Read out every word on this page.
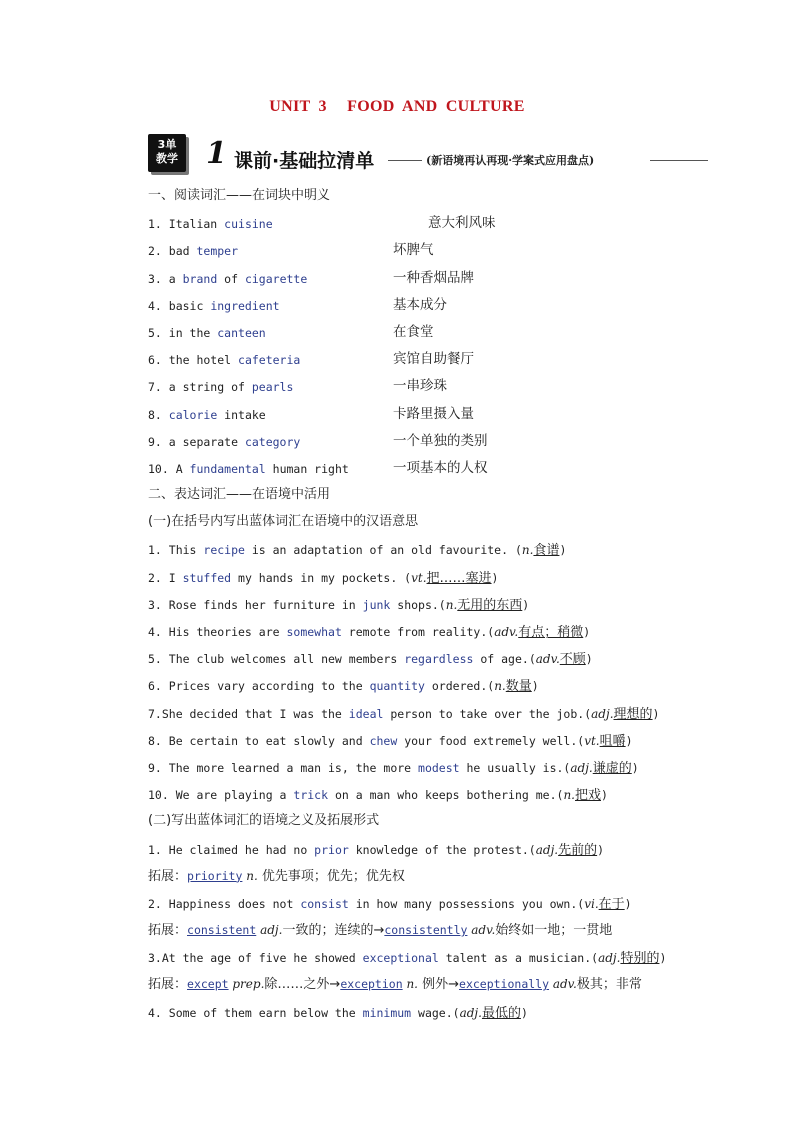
UNIT 3 FOOD AND CULTURE
3单
教学 1 课前·基础拉清单	(新语境再认再现·学案式应用盘点)
一、阅读词汇——在词块中明义
1. Italian cuisine	意大利风味
2. bad temper	坏脾气
3. a brand of cigarette	一种香烟品牌
4. basic ingredient	基本成分
5. in the canteen	在食堂
6. the hotel cafeteria	宾馆自助餐厅
7. a string of pearls	一串珍珠
8. calorie intake	卡路里摄入量
9. a separate category	一个单独的类别
10. A fundamental human right	一项基本的人权
二、表达词汇——在语境中活用
(一)在括号内写出蓝体词汇在语境中的汉语意思
1. This recipe is an adaptation of an old favourite. (n.食谱)
2. I stuffed my hands in my pockets. (vt.把……塞进)
3. Rose finds her furniture in junk shops.(n.无用的东西)
4. His theories are somewhat remote from reality.(adv.有点；稍微)
5. The club welcomes all new members regardless of age.(adv.不顾)
6. Prices vary according to the quantity ordered.(n.数量)
7.She decided that I was the ideal person to take over the job.(adj.理想的)
8. Be certain to eat slowly and chew your food extremely well.(vt.咀嚼)
9. The more learned a man is, the more modest he usually is.(adj.谦虚的)
10. We are playing a trick on a man who keeps bothering me.(n.把戏)
(二)写出蓝体词汇的语境之义及拓展形式
1. He claimed he had no prior knowledge of the protest.(adj.先前的)
拓展：priority n. 优先事项；优先；优先权
2. Happiness does not consist in how many possessions you own.(vi.在于)
拓展：consistent adj.一致的；连续的→consistently adv.始终如一地；一贯地
3.At the age of five he showed exceptional talent as a musician.(adj.特别的)
拓展：except prep.除……之外→exception n. 例外→exceptionally adv.极其；非常
4. Some of them earn below the minimum wage.(adj.最低的)
